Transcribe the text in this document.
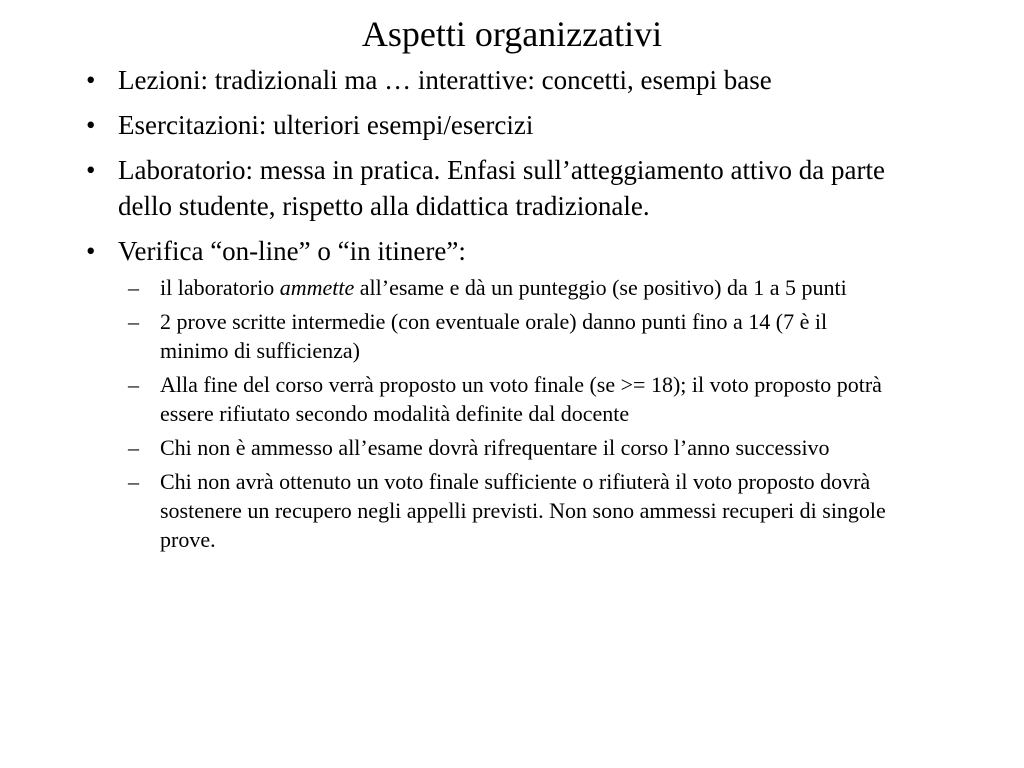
Aspetti organizzativi
• Lezioni: tradizionali ma … interattive: concetti, esempi base
• Esercitazioni: ulteriori esempi/esercizi
• Laboratorio: messa in pratica. Enfasi sull’atteggiamento attivo da parte dello studente, rispetto alla didattica tradizionale.
• Verifica “on-line” o “in itinere”:
– il laboratorio ammette all’esame e dà un punteggio (se positivo) da 1 a 5 punti
– 2 prove scritte intermedie (con eventuale orale) danno punti fino a 14 (7 è il minimo di sufficienza)
– Alla fine del corso verrà proposto un voto finale (se >= 18); il voto proposto potrà essere rifiutato secondo modalità definite dal docente
– Chi non è ammesso all’esame dovrà rifrequentare il corso l’anno successivo
– Chi non avrà ottenuto un voto finale sufficiente o rifiuterà il voto proposto dovrà sostenere un recupero negli appelli previsti. Non sono ammessi recuperi di singole prove.
